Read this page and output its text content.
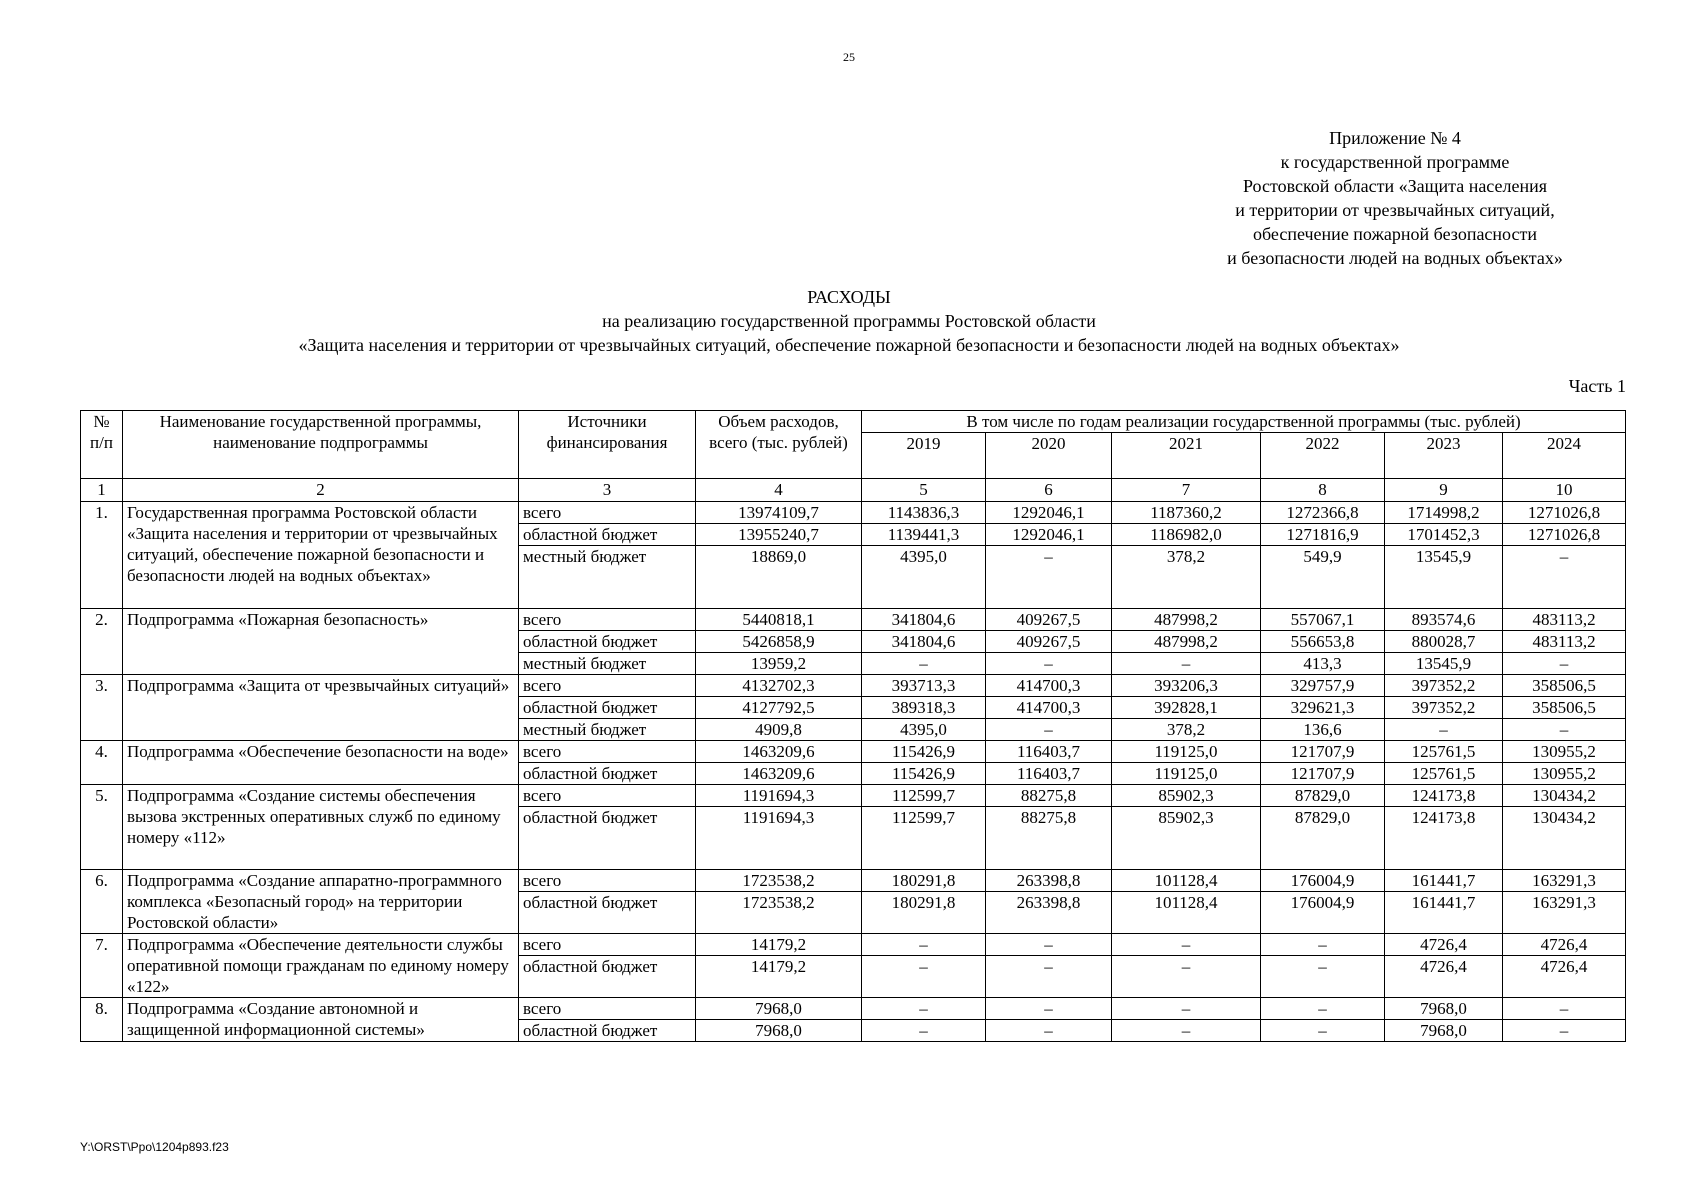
25
Приложение № 4
к государственной программе
Ростовской области «Защита населения
и территории от чрезвычайных ситуаций,
обеспечение пожарной безопасности
и безопасности людей на водных объектах»
РАСХОДЫ
на реализацию государственной программы Ростовской области
«Защита населения и территории от чрезвычайных ситуаций, обеспечение пожарной безопасности и безопасности людей на водных объектах»
Часть 1
№ п/п	Наименование государственной программы, наименование подпрограммы	Источники финансирования	Объем расходов, всего (тыс. рублей)	В том числе по годам реализации государственной программы (тыс. рублей)					
				2019	2020	2021	2022	2023	2024
1	2	3	4	5	6	7	8	9	10
1.	Государственная программа Ростовской области «Защита населения и территории от чрезвычайных ситуаций, обеспечение пожарной безопасности и безопасности людей на водных объектах»	всего	13974109,7	1143836,3	1292046,1	1187360,2	1272366,8	1714998,2	1271026,8
		областной бюджет	13955240,7	1139441,3	1292046,1	1186982,0	1271816,9	1701452,3	1271026,8
		местный бюджет	18869,0	4395,0	–	378,2	549,9	13545,9	–
2.	Подпрограмма «Пожарная безопасность»	всего	5440818,1	341804,6	409267,5	487998,2	557067,1	893574,6	483113,2
		областной бюджет	5426858,9	341804,6	409267,5	487998,2	556653,8	880028,7	483113,2
		местный бюджет	13959,2	–	–	–	413,3	13545,9	–
3.	Подпрограмма «Защита от чрезвычайных ситуаций»	всего	4132702,3	393713,3	414700,3	393206,3	329757,9	397352,2	358506,5
		областной бюджет	4127792,5	389318,3	414700,3	392828,1	329621,3	397352,2	358506,5
		местный бюджет	4909,8	4395,0	–	378,2	136,6	–	–
4.	Подпрограмма «Обеспечение безопасности на воде»	всего	1463209,6	115426,9	116403,7	119125,0	121707,9	125761,5	130955,2
		областной бюджет	1463209,6	115426,9	116403,7	119125,0	121707,9	125761,5	130955,2
5.	Подпрограмма «Создание системы обеспечения вызова экстренных оперативных служб по единому номеру «112»	всего	1191694,3	112599,7	88275,8	85902,3	87829,0	124173,8	130434,2
		областной бюджет	1191694,3	112599,7	88275,8	85902,3	87829,0	124173,8	130434,2
6.	Подпрограмма «Создание аппаратно-программного комплекса «Безопасный город» на территории Ростовской области»	всего	1723538,2	180291,8	263398,8	101128,4	176004,9	161441,7	163291,3
		областной бюджет	1723538,2	180291,8	263398,8	101128,4	176004,9	161441,7	163291,3
7.	Подпрограмма «Обеспечение деятельности службы оперативной помощи гражданам по единому номеру «122»	всего	14179,2	–	–	–	–	4726,4	4726,4
		областной бюджет	14179,2	–	–	–	–	4726,4	4726,4
8.	Подпрограмма «Создание автономной и защищенной информационной системы»	всего	7968,0	–	–	–	–	7968,0	–
		областной бюджет	7968,0	–	–	–	–	7968,0	–
Y:\ORST\Ppo\1204p893.f23
